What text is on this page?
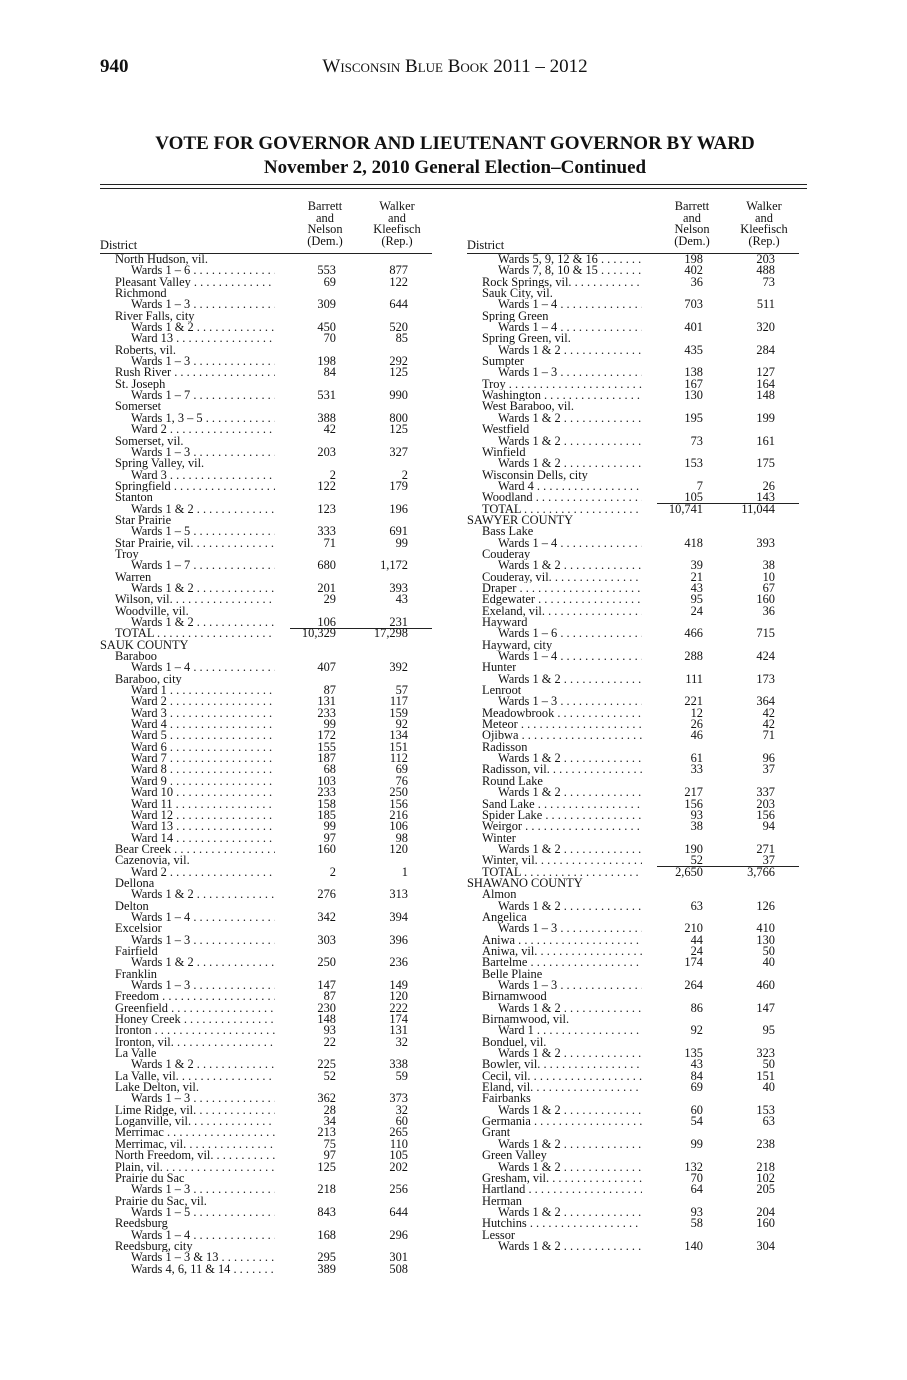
940	Wisconsin Blue Book 2011 – 2012
VOTE FOR GOVERNOR AND LIEUTENANT GOVERNOR BY WARD
November 2, 2010 General Election–Continued
Barrett
and
Nelson
(Dem.)
Walker
and
Kleefisch
(Rep.)
District
North Hudson, vil.
Wards 1 – 6 . . .	553	877
Pleasant Valley . . .	69	122
Richmond
Wards 1 – 3 . . .	309	644
River Falls, city
Wards 1 & 2 . . .	450	520
Ward 13 . . .	70	85
Roberts, vil.
Wards 1 – 3 . . .	198	292
Rush River . . .	84	125
St. Joseph
Wards 1 – 7 . . .	531	990
Somerset
Wards 1, 3 – 5 . . .	388	800
Ward 2 . . .	42	125
Somerset, vil.
Wards 1 – 3 . . .	203	327
Spring Valley, vil.
Ward 3 . . .	2	2
Springfield . . .	122	179
Stanton
Wards 1 & 2 . . .	123	196
Star Prairie
Wards 1 – 5 . . .	333	691
Star Prairie, vil. . . .	71	99
Troy
Wards 1 – 7 . . .	680	1,172
Warren
Wards 1 & 2 . . .	201	393
Wilson, vil. . . .	29	43
Woodville, vil.
Wards 1 & 2 . . .	106	231
TOTAL . . .	10,329	17,298
SAUK COUNTY
Baraboo
Wards 1 – 4 . . .	407	392
Baraboo, city
Ward 1 . . .	87	57
Ward 2 . . .	131	117
Ward 3 . . .	233	159
Ward 4 . . .	99	92
Ward 5 . . .	172	134
Ward 6 . . .	155	151
Ward 7 . . .	187	112
Ward 8 . . .	68	69
Ward 9 . . .	103	76
Ward 10 . . .	233	250
Ward 11 . . .	158	156
Ward 12 . . .	185	216
Ward 13 . . .	99	106
Ward 14 . . .	97	98
Bear Creek . . .	160	120
Cazenovia, vil.
Ward 2 . . .	2	1
Dellona
Wards 1 & 2 . . .	276	313
Delton
Wards 1 – 4 . . .	342	394
Excelsior
Wards 1 – 3 . . .	303	396
Fairfield
Wards 1 & 2 . . .	250	236
Franklin
Wards 1 – 3 . . .	147	149
Freedom . . .	87	120
Greenfield . . .	230	222
Honey Creek . . .	148	174
Ironton . . .	93	131
Ironton, vil. . . .	22	32
La Valle
Wards 1 & 2 . . .	225	338
La Valle, vil. . . .	52	59
Lake Delton, vil.
Wards 1 – 3 . . .	362	373
Lime Ridge, vil. . . .	28	32
Loganville, vil. . . .	34	60
Merrimac . . .	213	265
Merrimac, vil. . . .	75	110
North Freedom, vil. . . .	97	105
Plain, vil. . . .	125	202
Prairie du Sac
Wards 1 – 3 . . .	218	256
Prairie du Sac, vil.
Wards 1 – 5 . . .	843	644
Reedsburg
Wards 1 – 4 . . .	168	296
Reedsburg, city
Wards 1 – 3 & 13 . . .	295	301
Wards 4, 6, 11 & 14 . . .	389	508
Barrett
and
Nelson
(Dem.)
Walker
and
Kleefisch
(Rep.)
District
Wards 5, 9, 12 & 16 . . .	198	203
Wards 7, 8, 10 & 15 . . .	402	488
Rock Springs, vil. . . .	36	73
Sauk City, vil.
Wards 1 – 4 . . .	703	511
Spring Green
Wards 1 – 4 . . .	401	320
Spring Green, vil.
Wards 1 & 2 . . .	435	284
Sumpter
Wards 1 – 3 . . .	138	127
Troy . . .	167	164
Washington . . .	130	148
West Baraboo, vil.
Wards 1 & 2 . . .	195	199
Westfield
Wards 1 & 2 . . .	73	161
Winfield
Wards 1 & 2 . . .	153	175
Wisconsin Dells, city
Ward 4 . . .	7	26
Woodland . . .	105	143
TOTAL . . .	10,741	11,044
SAWYER COUNTY
Bass Lake
Wards 1 – 4 . . .	418	393
Couderay
Wards 1 & 2 . . .	39	38
Couderay, vil. . . .	21	10
Draper . . .	43	67
Edgewater . . .	95	160
Exeland, vil. . . .	24	36
Hayward
Wards 1 – 6 . . .	466	715
Hayward, city
Wards 1 – 4 . . .	288	424
Hunter
Wards 1 & 2 . . .	111	173
Lenroot
Wards 1 – 3 . . .	221	364
Meadowbrook . . .	12	42
Meteor . . .	26	42
Ojibwa . . .	46	71
Radisson
Wards 1 & 2 . . .	61	96
Radisson, vil. . . .	33	37
Round Lake
Wards 1 & 2 . . .	217	337
Sand Lake . . .	156	203
Spider Lake . . .	93	156
Weirgor . . .	38	94
Winter
Wards 1 & 2 . . .	190	271
Winter, vil. . . .	52	37
TOTAL . . .	2,650	3,766
SHAWANO COUNTY
Almon
Wards 1 & 2 . . .	63	126
Angelica
Wards 1 – 3 . . .	210	410
Aniwa . . .	44	130
Aniwa, vil. . . .	24	50
Bartelme . . .	174	40
Belle Plaine
Wards 1 – 3 . . .	264	460
Birnamwood
Wards 1 & 2 . . .	86	147
Birnamwood, vil.
Ward 1 . . .	92	95
Bonduel, vil.
Wards 1 & 2 . . .	135	323
Bowler, vil. . . .	43	50
Cecil, vil. . . .	84	151
Eland, vil. . . .	69	40
Fairbanks
Wards 1 & 2 . . .	60	153
Germania . . .	54	63
Grant
Wards 1 & 2 . . .	99	238
Green Valley
Wards 1 & 2 . . .	132	218
Gresham, vil. . . .	70	102
Hartland . . .	64	205
Herman
Wards 1 & 2 . . .	93	204
Hutchins . . .	58	160
Lessor
Wards 1 & 2 . . .	140	304
